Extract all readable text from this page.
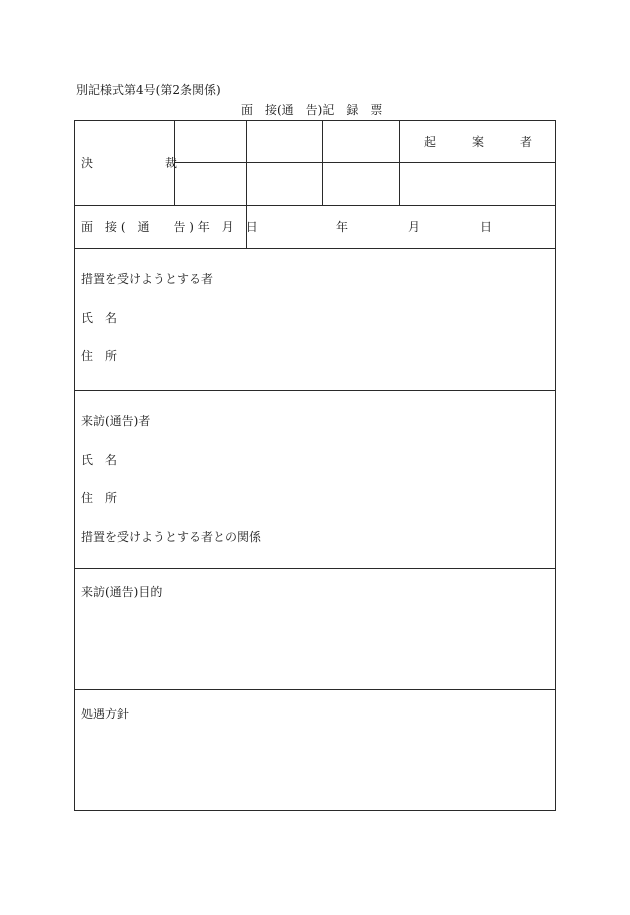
別記様式第4号(第2条関係)
面　接(通　告)記　録　票
決　　　　　　裁
起　　　案　　　者
面　接 (　通　　告 ) 年　月　日	年　　　　　月　　　　　日
措置を受けようとする者
氏　名
住　所
来訪(通告)者
氏　名
住　所
措置を受けようとする者との関係
来訪(通告)目的
処遇方針
